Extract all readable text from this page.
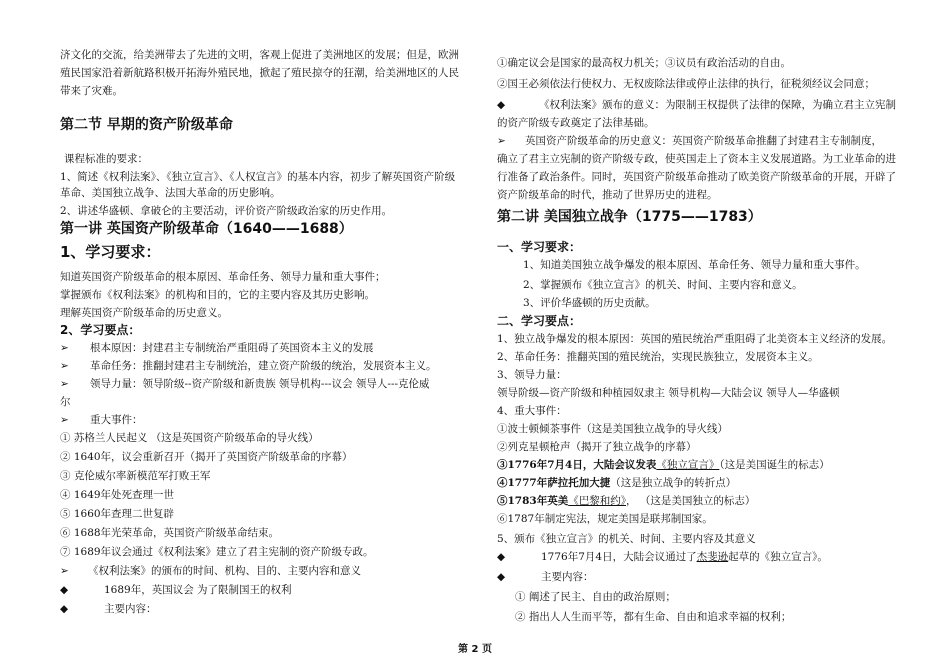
济文化的交流，给美洲带去了先进的文明，客观上促进了美洲地区的发展；但是，欧洲
殖民国家沿着新航路积极开拓海外殖民地，掀起了殖民掠夺的狂潮，给美洲地区的人民
带来了灾难。
第二节 早期的资产阶级革命
课程标准的要求：
1、简述《权利法案》、《独立宣言》、《人权宣言》的基本内容，初步了解英国资产阶级
革命、美国独立战争、法国大革命的历史影响。
2、讲述华盛顿、拿破仑的主要活动，评价资产阶级政治家的历史作用。
第一讲 英国资产阶级革命（1640——1688）
1、学习要求：
知道英国资产阶级革命的根本原因、革命任务、领导力量和重大事件；
掌握颁布《权利法案》的机构和目的，它的主要内容及其历史影响。
理解英国资产阶级革命的历史意义。
2、学习要点：
➢ 根本原因：封建君主专制统治严重阻碍了英国资本主义的发展
➢ 革命任务：推翻封建君主专制统治，建立资产阶级的统治，发展资本主义。
➢ 领导力量：领导阶级--资产阶级和新贵族 领导机构---议会 领导人---克伦威
尔
➢ 重大事件：
① 苏格兰人民起义 （这是英国资产阶级革命的导火线）
② 1640年，议会重新召开（揭开了英国资产阶级革命的序幕）
③ 克伦威尔率新模范军打败王军
④ 1649年处死查理一世
⑤ 1660年查理二世复辟
⑥ 1688年光荣革命，英国资产阶级革命结束。
⑦ 1689年议会通过《权利法案》建立了君主宪制的资产阶级专政。
➢ 《权利法案》的颁布的时间、机构、目的、主要内容和意义
◆	1689年，英国议会 为了限制国王的权利
◆	主要内容：
①确定议会是国家的最高权力机关；③议员有政治活动的自由。
②国王必须依法行使权力、无权废除法律或停止法律的执行，征税须经议会同意；
◆	《权利法案》颁布的意义：为限制王权提供了法律的保障，为确立君主立宪制
的资产阶级专政奠定了法律基础。
➢ 英国资产阶级革命的历史意义：英国资产阶级革命推翻了封建君主专制制度，
确立了君主立宪制的资产阶级专政，使英国走上了资本主义发展道路。为工业革命的进
行准备了政治条件。同时，英国资产阶级革命推动了欧美资产阶级革命的开展，开辟了
资产阶级革命的时代，推动了世界历史的进程。
第二讲 美国独立战争（1775——1783）
一、学习要求：
1、知道美国独立战争爆发的根本原因、革命任务、领导力量和重大事件。
2、掌握颁布《独立宣言》的机关、时间、主要内容和意义。
3、评价华盛顿的历史贡献。
二、学习要点：
1、独立战争爆发的根本原因：英国的殖民统治严重阻碍了北美资本主义经济的发展。
2、革命任务：推翻英国的殖民统治，实现民族独立，发展资本主义。
3、领导力量：
领导阶级—资产阶级和种植园奴隶主 领导机构—大陆会议 领导人—华盛顿
4、重大事件：
①波士顿倾茶事件（这是美国独立战争的导火线）
②列克星顿枪声（揭开了独立战争的序幕）
③1776年7月4日，大陆会议发表《独立宣言》（这是美国诞生的标志）
④1777年萨拉托加大捷（这是独立战争的转折点）
⑤1783年英美《巴黎和约》， （这是美国独立的标志）
⑥1787年制定宪法，规定美国是联邦制国家。
5、颁布《独立宣言》的机关、时间、主要内容及其意义
◆	1776年7月4日，大陆会议通过了杰斐逊起草的《独立宣言》。
◆	主要内容：
① 阐述了民主、自由的政治原则；
② 指出人人生而平等，都有生命、自由和追求幸福的权利；
第 2 页
